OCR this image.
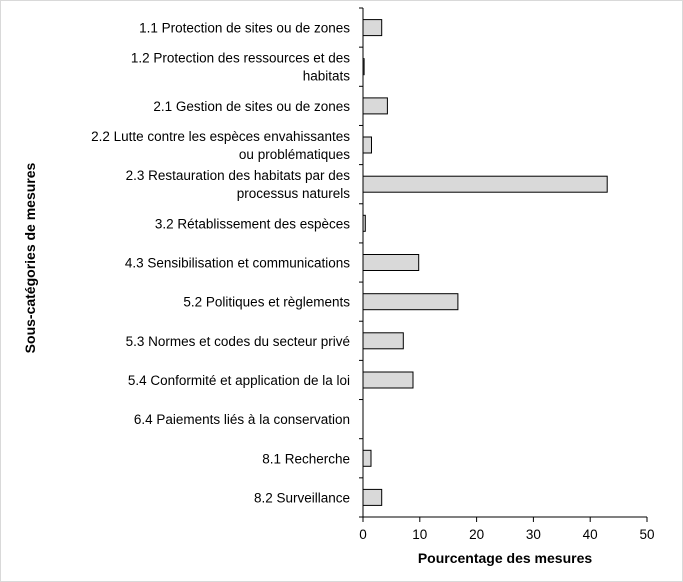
1.1 Protection de sites ou de zones
1.2 Protection des ressources et des habitats
2.1 Gestion de sites ou de zones
2.2 Lutte contre les espèces envahissantes ou problématiques
2.3 Restauration des habitats par des processus naturels
3.2 Rétablissement des espèces
4.3 Sensibilisation et communications
5.2 Politiques et règlements
5.3 Normes et codes du secteur privé
5.4 Conformité et application de la loi
6.4 Paiements liés à la conservation
8.1 Recherche
8.2 Surveillance
0	10	20	30	40	50
Pourcentage des mesures
Sous-catégories de mesures
